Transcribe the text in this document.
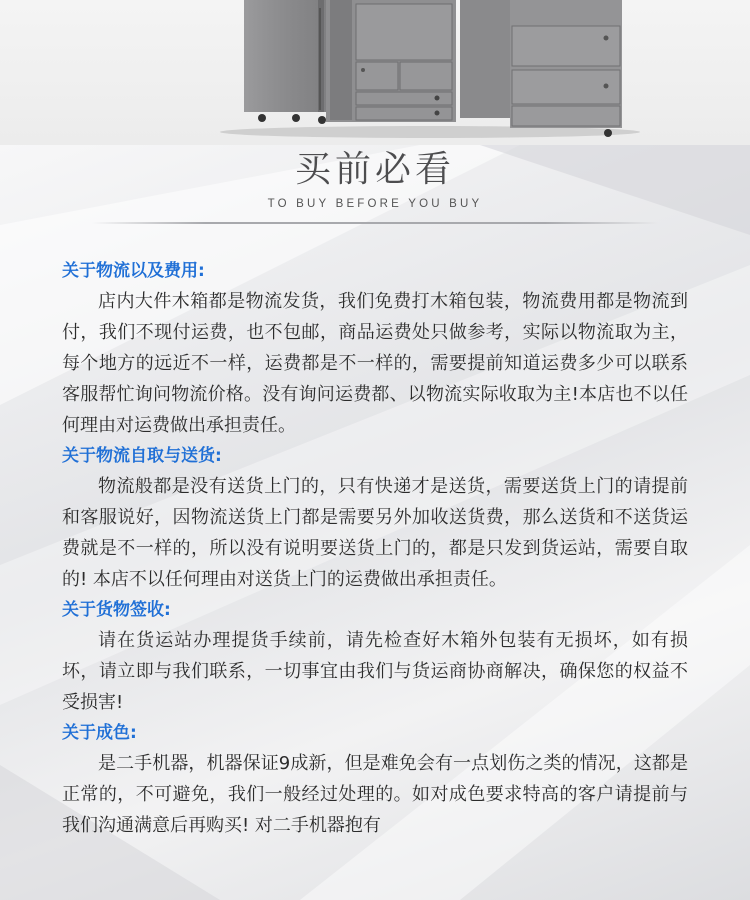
买前必看
TO BUY BEFORE YOU BUY

关于物流以及费用:

店内大件木箱都是物流发货，我们免费打木箱包装，物流费用都是物流到付，我们不现付运费，也不包邮，商品运费处只做参考，实际以物流取为主，每个地方的远近不一样，运费都是不一样的，需要提前知道运费多少可以联系客服帮忙询问物流价格。没有询问运费都、以物流实际收取为主!本店也不以任何理由对运费做出承担责任。

关于物流自取与送货:

物流般都是没有送货上门的，只有快递才是送货，需要送货上门的请提前和客服说好，因物流送货上门都是需要另外加收送货费，那么送货和不送货运费就是不一样的，所以没有说明要送货上门的，都是只发到货运站，需要自取的! 本店不以任何理由对送货上门的运费做出承担责任。

关于货物签收:

请在货运站办理提货手续前，请先检查好木箱外包装有无损坏，如有损坏，请立即与我们联系，一切事宜由我们与货运商协商解决，确保您的权益不受损害!

关于成色:

是二手机器，机器保证9成新，但是难免会有一点划伤之类的情况，这都是正常的，不可避免，我们一般经过处理的。如对成色要求特高的客户请提前与我们沟通满意后再购买! 对二手机器抱有
